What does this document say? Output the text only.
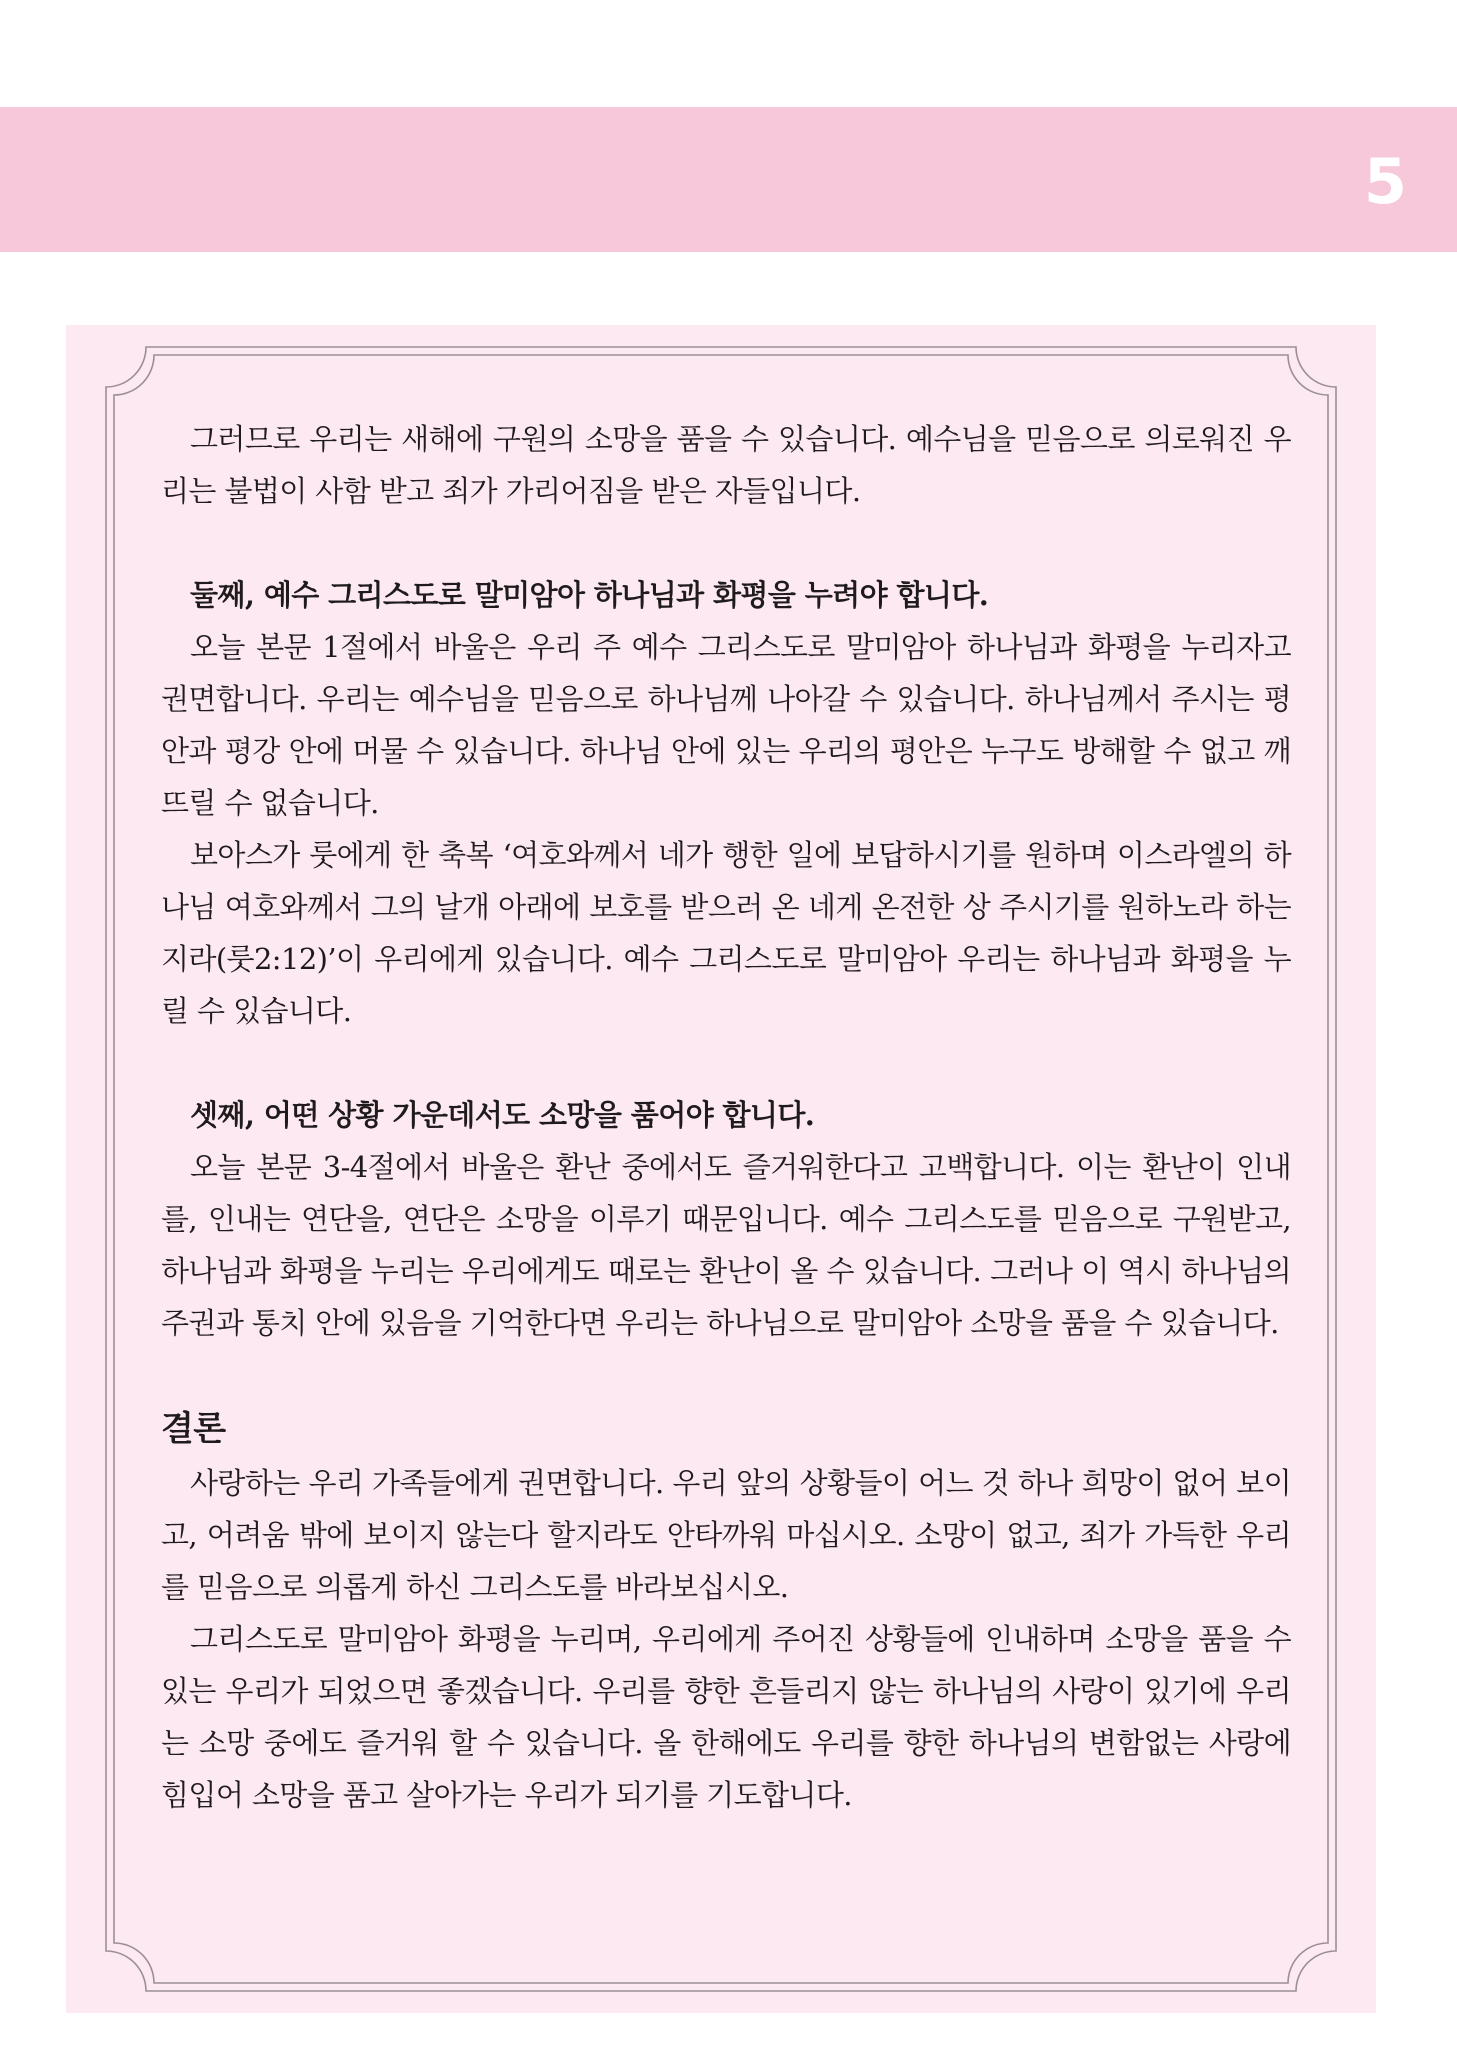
5

그러므로 우리는 새해에 구원의 소망을 품을 수 있습니다. 예수님을 믿음으로 의로워진 우리는 불법이 사함 받고 죄가 가리어짐을 받은 자들입니다.

둘째, 예수 그리스도로 말미암아 하나님과 화평을 누려야 합니다.

오늘 본문 1절에서 바울은 우리 주 예수 그리스도로 말미암아 하나님과 화평을 누리자고 권면합니다. 우리는 예수님을 믿음으로 하나님께 나아갈 수 있습니다. 하나님께서 주시는 평안과 평강 안에 머물 수 있습니다. 하나님 안에 있는 우리의 평안은 누구도 방해할 수 없고 깨뜨릴 수 없습니다.

보아스가 룻에게 한 축복 ‘여호와께서 네가 행한 일에 보답하시기를 원하며 이스라엘의 하나님 여호와께서 그의 날개 아래에 보호를 받으러 온 네게 온전한 상 주시기를 원하노라 하는지라(룻2:12)’이 우리에게 있습니다. 예수 그리스도로 말미암아 우리는 하나님과 화평을 누릴 수 있습니다.

셋째, 어떤 상황 가운데서도 소망을 품어야 합니다.

오늘 본문 3-4절에서 바울은 환난 중에서도 즐거워한다고 고백합니다. 이는 환난이 인내를, 인내는 연단을, 연단은 소망을 이루기 때문입니다. 예수 그리스도를 믿음으로 구원받고, 하나님과 화평을 누리는 우리에게도 때로는 환난이 올 수 있습니다. 그러나 이 역시 하나님의 주권과 통치 안에 있음을 기억한다면 우리는 하나님으로 말미암아 소망을 품을 수 있습니다.

결론

사랑하는 우리 가족들에게 권면합니다. 우리 앞의 상황들이 어느 것 하나 희망이 없어 보이고, 어려움 밖에 보이지 않는다 할지라도 안타까워 마십시오. 소망이 없고, 죄가 가득한 우리를 믿음으로 의롭게 하신 그리스도를 바라보십시오.

그리스도로 말미암아 화평을 누리며, 우리에게 주어진 상황들에 인내하며 소망을 품을 수 있는 우리가 되었으면 좋겠습니다. 우리를 향한 흔들리지 않는 하나님의 사랑이 있기에 우리는 소망 중에도 즐거워 할 수 있습니다. 올 한해에도 우리를 향한 하나님의 변함없는 사랑에 힘입어 소망을 품고 살아가는 우리가 되기를 기도합니다.
